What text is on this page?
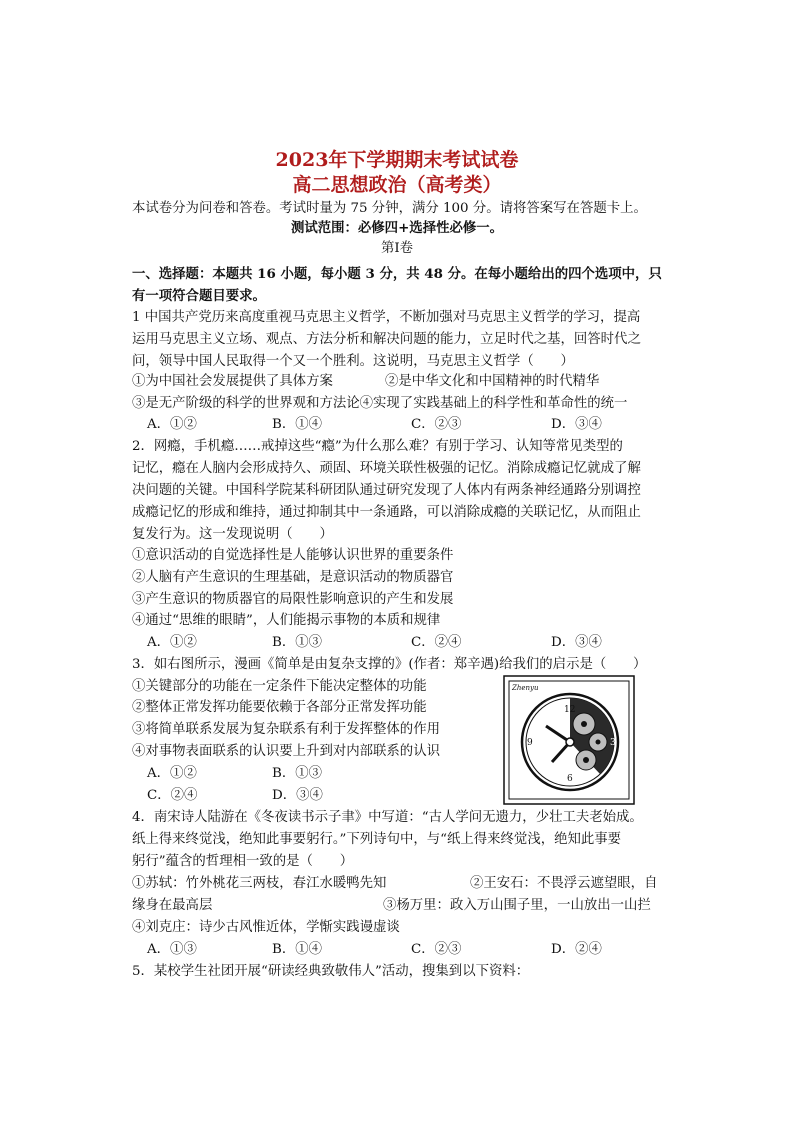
2023年下学期期末考试试卷
高二思想政治（高考类）
本试卷分为问卷和答卷。考试时量为 75 分钟，满分 100 分。请将答案写在答题卡上。
测试范围：必修四+选择性必修一。
第Ⅰ卷
一、选择题：本题共 16 小题，每小题 3 分，共 48 分。在每小题给出的四个选项中，只
有一项符合题目要求。
1 中国共产党历来高度重视马克思主义哲学，不断加强对马克思主义哲学的学习，提高
运用马克思主义立场、观点、方法分析和解决问题的能力，立足时代之基，回答时代之
问，领导中国人民取得一个又一个胜利。这说明，马克思主义哲学（　　）
①为中国社会发展提供了具体方案	②是中华文化和中国精神的时代精华
③是无产阶级的科学的世界观和方法论④实现了实践基础上的科学性和革命性的统一
A．①②	B．①④	C．②③	D．③④
2．网瘾，手机瘾……戒掉这些“瘾”为什么那么难？有别于学习、认知等常见类型的
记忆，瘾在人脑内会形成持久、顽固、环境关联性极强的记忆。消除成瘾记忆就成了解
决问题的关键。中国科学院某科研团队通过研究发现了人体内有两条神经通路分别调控
成瘾记忆的形成和维持，通过抑制其中一条通路，可以消除成瘾的关联记忆，从而阻止
复发行为。这一发现说明（　　）
①意识活动的自觉选择性是人能够认识世界的重要条件
②人脑有产生意识的生理基础，是意识活动的物质器官
③产生意识的物质器官的局限性影响意识的产生和发展
④通过“思维的眼睛”，人们能揭示事物的本质和规律
A．①②	B．①③	C．②④	D．③④
3．如右图所示，漫画《简单是由复杂支撑的》(作者：郑辛遇)给我们的启示是（　　）
①关键部分的功能在一定条件下能决定整体的功能
②整体正常发挥功能要依赖于各部分正常发挥功能
③将简单联系发展为复杂联系有利于发挥整体的作用
④对事物表面联系的认识要上升到对内部联系的认识
A．①②	B．①③
C．②④	D．③④
12
3
6
9
Zhenyu
4．南宋诗人陆游在《冬夜读书示子聿》中写道：“古人学问无遗力，少壮工夫老始成。
纸上得来终觉浅，绝知此事要躬行。”下列诗句中，与“纸上得来终觉浅，绝知此事要
躬行”蕴含的哲理相一致的是（　　）
①苏轼：竹外桃花三两枝，春江水暖鸭先知	②王安石：不畏浮云遮望眼，自
缘身在最高层	③杨万里：政入万山围子里，一山放出一山拦
④刘克庄：诗少古风惟近体，学惭实践谩虚谈
A．①③	B．①④	C．②③	D．②④
5．某校学生社团开展“研读经典致敬伟人”活动，搜集到以下资料：
